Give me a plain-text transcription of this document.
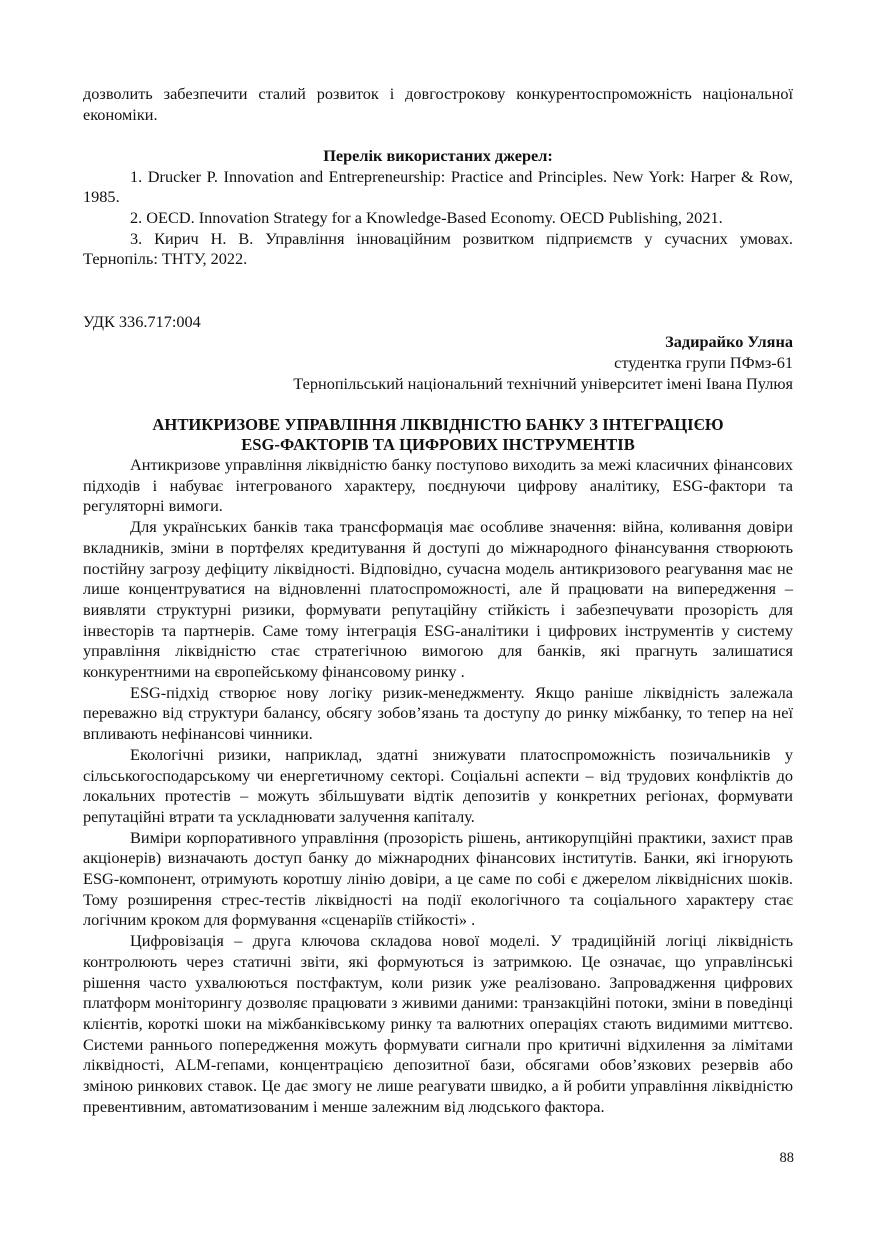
дозволить забезпечити сталий розвиток і довгострокову конкурентоспроможність національної економіки.

Перелік використаних джерел:

1. Drucker P. Innovation and Entrepreneurship: Practice and Principles. New York: Harper & Row, 1985.

2. OECD. Innovation Strategy for a Knowledge-Based Economy. OECD Publishing, 2021.

3. Кирич Н. В. Управління інноваційним розвитком підприємств у сучасних умовах. Тернопіль: ТНТУ, 2022.

УДК 336.717:004

Задирайко Уляна

студентка групи ПФмз-61

Тернопільський національний технічний університет імені Івана Пулюя

АНТИКРИЗОВЕ УПРАВЛІННЯ ЛІКВІДНІСТЮ БАНКУ З ІНТЕГРАЦІЄЮ
ESG-ФАКТОРІВ ТА ЦИФРОВИХ ІНСТРУМЕНТІВ

Антикризове управління ліквідністю банку поступово виходить за межі класичних фінансових підходів і набуває інтегрованого характеру, поєднуючи цифрову аналітику, ESG-фактори та регуляторні вимоги.

Для українських банків така трансформація має особливе значення: війна, коливання довіри вкладників, зміни в портфелях кредитування й доступі до міжнародного фінансування створюють постійну загрозу дефіциту ліквідності. Відповідно, сучасна модель антикризового реагування має не лише концентруватися на відновленні платоспроможності, але й працювати на випередження – виявляти структурні ризики, формувати репутаційну стійкість і забезпечувати прозорість для інвесторів та партнерів. Саме тому інтеграція ESG-аналітики і цифрових інструментів у систему управління ліквідністю стає стратегічною вимогою для банків, які прагнуть залишатися конкурентними на європейському фінансовому ринку .

ESG-підхід створює нову логіку ризик-менеджменту. Якщо раніше ліквідність залежала переважно від структури балансу, обсягу зобов’язань та доступу до ринку міжбанку, то тепер на неї впливають нефінансові чинники.

Екологічні ризики, наприклад, здатні знижувати платоспроможність позичальників у сільськогосподарському чи енергетичному секторі. Соціальні аспекти – від трудових конфліктів до локальних протестів – можуть збільшувати відтік депозитів у конкретних регіонах, формувати репутаційні втрати та ускладнювати залучення капіталу.

Виміри корпоративного управління (прозорість рішень, антикорупційні практики, захист прав акціонерів) визначають доступ банку до міжнародних фінансових інститутів. Банки, які ігнорують ESG-компонент, отримують коротшу лінію довіри, а це саме по собі є джерелом ліквіднісних шоків. Тому розширення стрес-тестів ліквідності на події екологічного та соціального характеру стає логічним кроком для формування «сценаріїв стійкості» .

Цифровізація – друга ключова складова нової моделі. У традиційній логіці ліквідність контролюють через статичні звіти, які формуються із затримкою. Це означає, що управлінські рішення часто ухвалюються постфактум, коли ризик уже реалізовано. Запровадження цифрових платформ моніторингу дозволяє працювати з живими даними: транзакційні потоки, зміни в поведінці клієнтів, короткі шоки на міжбанківському ринку та валютних операціях стають видимими миттєво. Системи раннього попередження можуть формувати сигнали про критичні відхилення за лімітами ліквідності, ALM-гепами, концентрацією депозитної бази, обсягами обов’язкових резервів або зміною ринкових ставок. Це дає змогу не лише реагувати швидко, а й робити управління ліквідністю превентивним, автоматизованим і менше залежним від людського фактора.

88
